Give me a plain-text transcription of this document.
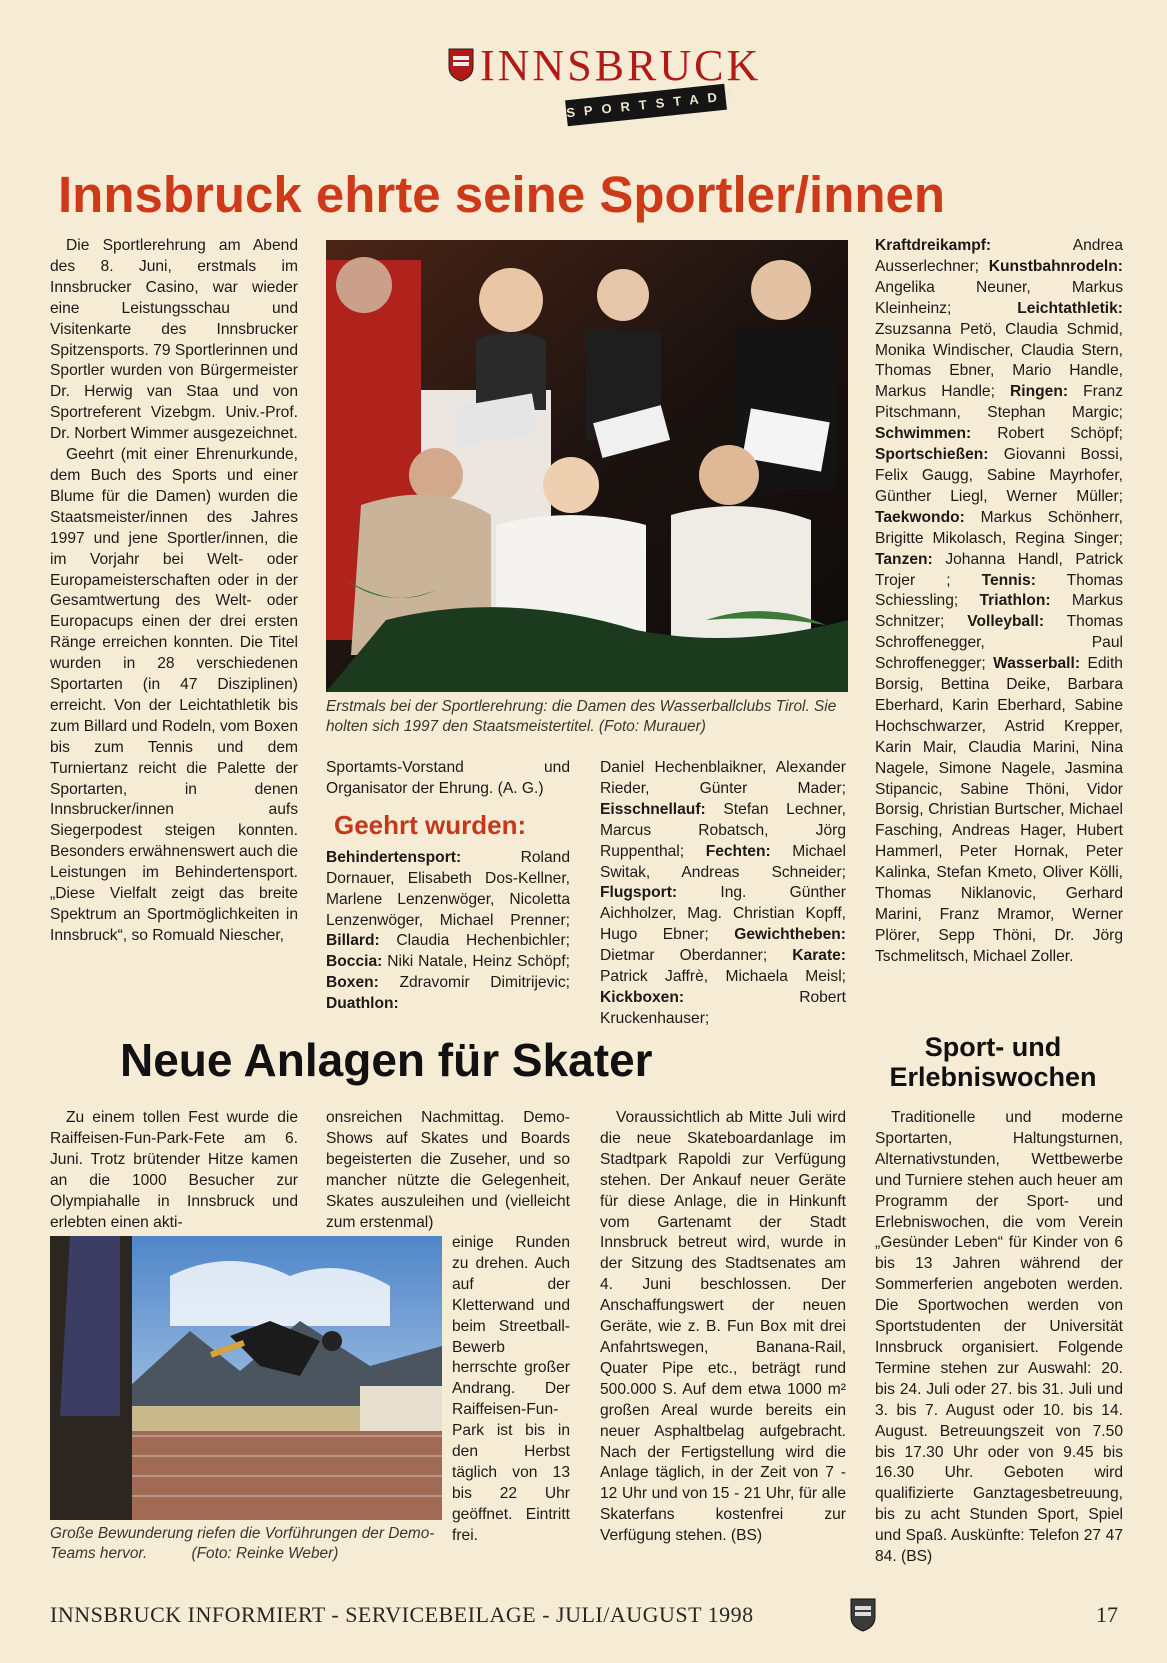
INNSBRUCK
SPORTSTADT
Innsbruck ehrte seine Sportler/innen

Die Sportlerehrung am Abend des 8. Juni, erstmals im Innsbrucker Casino, war wieder eine Leistungsschau und Visitenkarte des Innsbrucker Spitzensports. 79 Sportlerinnen und Sportler wurden von Bürgermeister Dr. Herwig van Staa und von Sportreferent Vizebgm. Univ.-Prof. Dr. Norbert Wimmer ausgezeichnet.

Geehrt (mit einer Ehrenurkunde, dem Buch des Sports und einer Blume für die Damen) wurden die Staatsmeister/innen des Jahres 1997 und jene Sportler/innen, die im Vorjahr bei Welt- oder Europameisterschaften oder in der Gesamtwertung des Welt- oder Europacups einen der drei ersten Ränge erreichen konnten. Die Titel wurden in 28 verschiedenen Sportarten (in 47 Disziplinen) erreicht. Von der Leichtathletik bis zum Billard und Rodeln, vom Boxen bis zum Tennis und dem Turniertanz reicht die Palette der Sportarten, in denen Innsbrucker/innen aufs Siegerpodest steigen konnten. Besonders erwähnenswert auch die Leistungen im Behindertensport. „Diese Vielfalt zeigt das breite Spektrum an Sportmöglichkeiten in Innsbruck“, so Romuald Niescher,

Erstmals bei der Sportlerehrung: die Damen des Wasserballclubs Tirol. Sie holten sich 1997 den Staatsmeistertitel. (Foto: Murauer)

Sportamts-Vorstand und Organisator der Ehrung. (A. G.)

Geehrt wurden:

Behindertensport: Roland Dornauer, Elisabeth Dos-Kellner, Marlene Lenzenwöger, Nicoletta Lenzenwöger, Michael Prenner; Billard: Claudia Hechenbichler; Boccia: Niki Natale, Heinz Schöpf; Boxen: Zdravomir Dimitrijevic; Duathlon:

Daniel Hechenblaikner, Alexander Rieder, Günter Mader; Eisschnellauf: Stefan Lechner, Marcus Robatsch, Jörg Ruppenthal; Fechten: Michael Switak, Andreas Schneider; Flugsport: Ing. Günther Aichholzer, Mag. Christian Kopff, Hugo Ebner; Gewichtheben: Dietmar Oberdanner; Karate: Patrick Jaffrè, Michaela Meisl; Kickboxen: Robert Kruckenhauser;

Kraftdreikampf: Andrea Ausserlechner; Kunstbahnrodeln: Angelika Neuner, Markus Kleinheinz; Leichtathletik: Zsuzsanna Petö, Claudia Schmid, Monika Windischer, Claudia Stern, Thomas Ebner, Mario Handle, Markus Handle; Ringen: Franz Pitschmann, Stephan Margic; Schwimmen: Robert Schöpf; Sportschießen: Giovanni Bossi, Felix Gaugg, Sabine Mayrhofer, Günther Liegl, Werner Müller; Taekwondo: Markus Schönherr, Brigitte Mikolasch, Regina Singer; Tanzen: Johanna Handl, Patrick Trojer ; Tennis: Thomas Schiessling; Triathlon: Markus Schnitzer; Volleyball: Thomas Schroffenegger, Paul Schroffenegger; Wasserball: Edith Borsig, Bettina Deike, Barbara Eberhard, Karin Eberhard, Sabine Hochschwarzer, Astrid Krepper, Karin Mair, Claudia Marini, Nina Nagele, Simone Nagele, Jasmina Stipancic, Sabine Thöni, Vidor Borsig, Christian Burtscher, Michael Fasching, Andreas Hager, Hubert Hammerl, Peter Hornak, Peter Kalinka, Stefan Kmeto, Oliver Kölli, Thomas Niklanovic, Gerhard Marini, Franz Mramor, Werner Plörer, Sepp Thöni, Dr. Jörg Tschmelitsch, Michael Zoller.

Neue Anlagen für Skater	Sport- und
Erlebniswochen

Zu einem tollen Fest wurde die Raiffeisen-Fun-Park-Fete am 6. Juni. Trotz brütender Hitze kamen an die 1000 Besucher zur Olympiahalle in Innsbruck und erlebten einen akti-

onsreichen Nachmittag. Demo-Shows auf Skates und Boards begeisterten die Zuseher, und so mancher nützte die Gelegenheit, Skates auszuleihen und (vielleicht zum erstenmal)

einige Runden zu drehen. Auch auf der Kletterwand und beim Streetball-Bewerb herrschte großer Andrang. Der Raiffeisen-Fun-Park ist bis in den Herbst täglich von 13 bis 22 Uhr geöffnet. Eintritt frei.

Große Bewunderung riefen die Vorführungen der Demo-Teams hervor.	(Foto: Reinke Weber)

Voraussichtlich ab Mitte Juli wird die neue Skateboardanlage im Stadtpark Rapoldi zur Verfügung stehen. Der Ankauf neuer Geräte für diese Anlage, die in Hinkunft vom Gartenamt der Stadt Innsbruck betreut wird, wurde in der Sitzung des Stadtsenates am 4. Juni beschlossen. Der Anschaffungswert der neuen Geräte, wie z. B. Fun Box mit drei Anfahrtswegen, Banana-Rail, Quater Pipe etc., beträgt rund 500.000 S. Auf dem etwa 1000 m² großen Areal wurde bereits ein neuer Asphaltbelag aufgebracht. Nach der Fertigstellung wird die Anlage täglich, in der Zeit von 7 - 12 Uhr und von 15 - 21 Uhr, für alle Skaterfans kostenfrei zur Verfügung stehen. (BS)

Traditionelle und moderne Sportarten, Haltungsturnen, Alternativstunden, Wettbewerbe und Turniere stehen auch heuer am Programm der Sport- und Erlebniswochen, die vom Verein „Gesünder Leben“ für Kinder von 6 bis 13 Jahren während der Sommerferien angeboten werden. Die Sportwochen werden von Sportstudenten der Universität Innsbruck organisiert. Folgende Termine stehen zur Auswahl: 20. bis 24. Juli oder 27. bis 31. Juli und 3. bis 7. August oder 10. bis 14. August. Betreuungszeit von 7.50 bis 17.30 Uhr oder von 9.45 bis 16.30 Uhr. Geboten wird qualifizierte Ganztagesbetreuung, bis zu acht Stunden Sport, Spiel und Spaß. Auskünfte: Telefon 27 47 84. (BS)

INNSBRUCK INFORMIERT - SERVICEBEILAGE - JULI/AUGUST 1998	17
